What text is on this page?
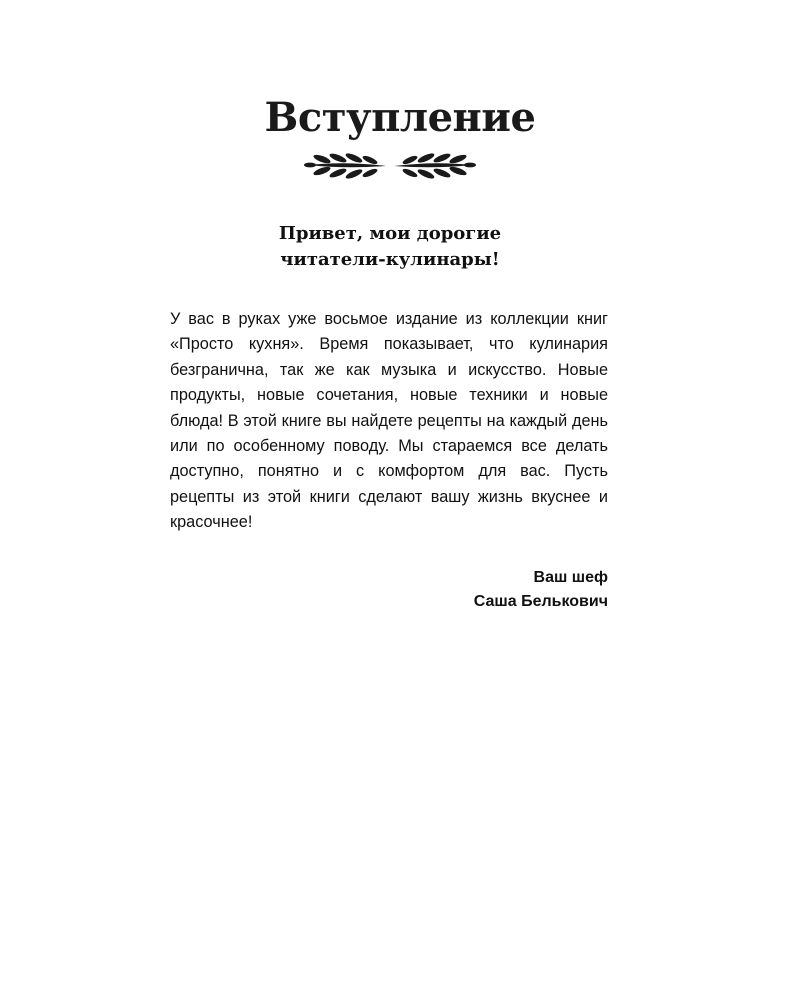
Вступление
Привет, мои дорогие
читатели-кулинары!

У вас в руках уже восьмое издание из коллекции книг «Просто кухня». Время показывает, что кулинария безгранична, так же как музыка и искусство. Новые продукты, новые сочетания, новые техники и новые блюда! В этой книге вы найдете рецепты на каждый день или по особенному поводу. Мы стараемся все делать доступно, понятно и с комфортом для вас. Пусть рецепты из этой книги сделают вашу жизнь вкуснее и красочнее!

Ваш шеф
Саша Белькович
